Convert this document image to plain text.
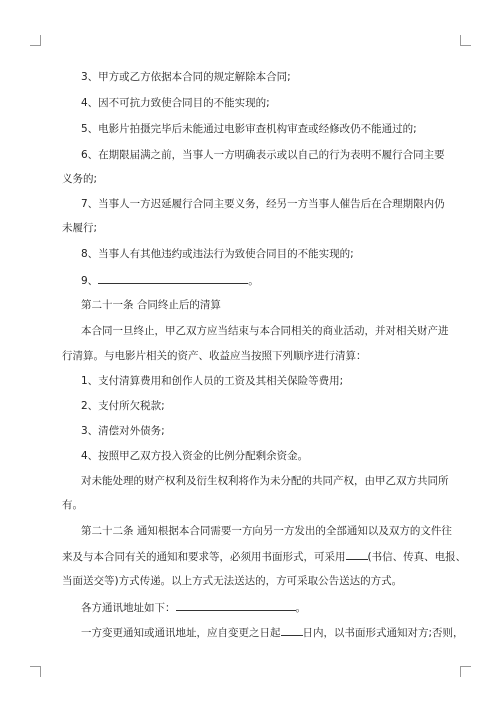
3、甲方或乙方依据本合同的规定解除本合同;
4、因不可抗力致使合同目的不能实现的;
5、电影片拍摄完毕后未能通过电影审查机构审查或经修改仍不能通过的;
6、在期限届满之前，当事人一方明确表示或以自己的行为表明不履行合同主要
义务的;
7、当事人一方迟延履行合同主要义务，经另一方当事人催告后在合理期限内仍
未履行;
8、当事人有其他违约或违法行为致使合同目的不能实现的;
9、	。
第二十一条 合同终止后的清算
本合同一旦终止，甲乙双方应当结束与本合同相关的商业活动，并对相关财产进
行清算。与电影片相关的资产、收益应当按照下列顺序进行清算：
1、支付清算费用和创作人员的工资及其相关保险等费用;
2、支付所欠税款;
3、清偿对外债务;
4、按照甲乙双方投入资金的比例分配剩余资金。
对未能处理的财产权利及衍生权利将作为未分配的共同产权，由甲乙双方共同所
有。
第二十二条 通知根据本合同需要一方向另一方发出的全部通知以及双方的文件往
来及与本合同有关的通知和要求等，必须用书面形式，可采用 (书信、传真、电报、
当面送交等)方式传递。以上方式无法送达的，方可采取公告送达的方式。
各方通讯地址如下：	。
一方变更通知或通讯地址，应自变更之日起 日内，以书面形式通知对方;否则，
